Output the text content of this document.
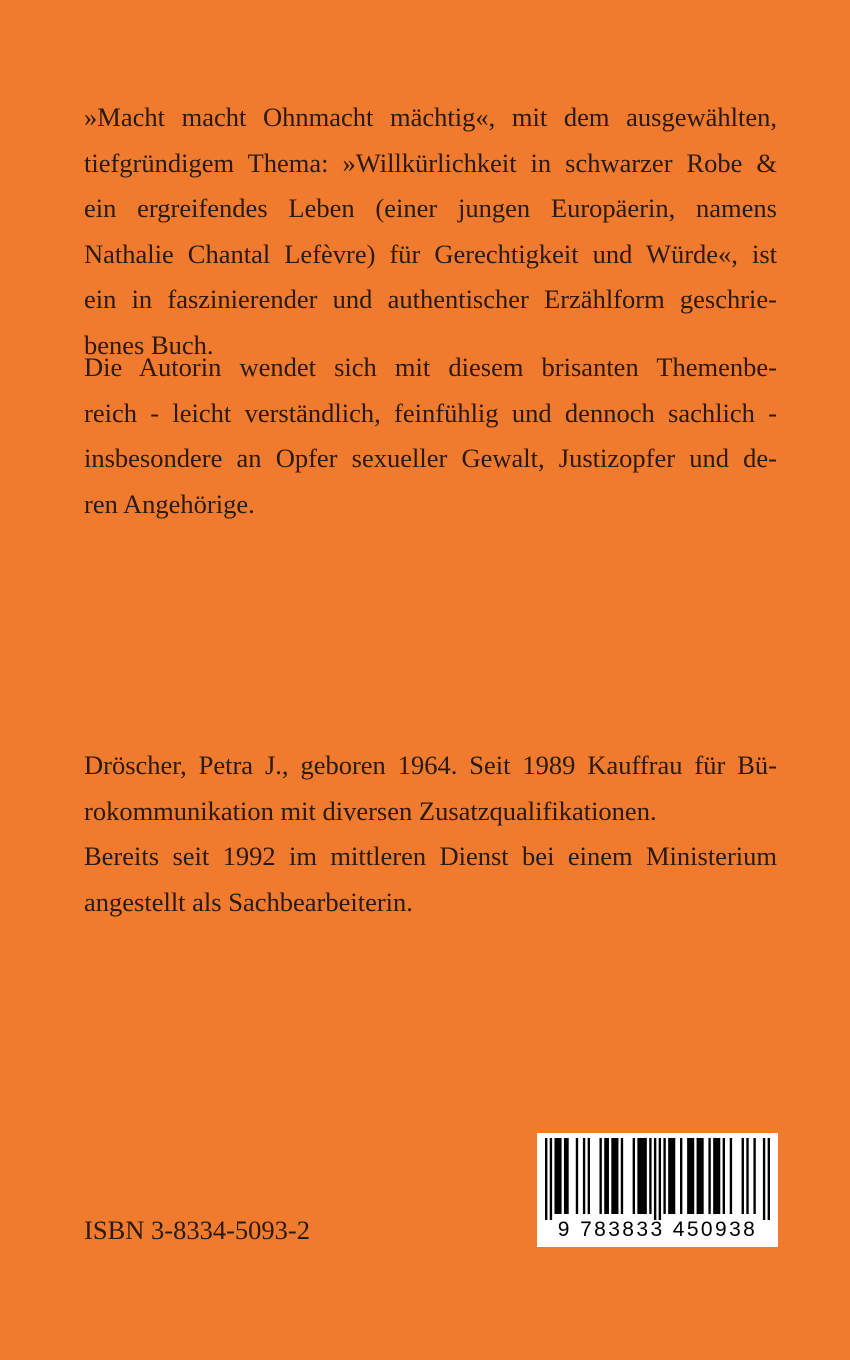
»Macht macht Ohnmacht mächtig«, mit dem ausgewählten,
tiefgründigem Thema: »Willkürlichkeit in schwarzer Robe &
ein ergreifendes Leben (einer jungen Europäerin, namens
Nathalie Chantal Lefèvre) für Gerechtigkeit und Würde«, ist
ein in faszinierender und authentischer Erzählform geschrie-
benes Buch.

Die Autorin wendet sich mit diesem brisanten Themenbe-
reich - leicht verständlich, feinfühlig und dennoch sachlich -
insbesondere an Opfer sexueller Gewalt, Justizopfer und de-
ren Angehörige.

Dröscher, Petra J., geboren 1964. Seit 1989 Kauffrau für Bü-
rokommunikation mit diversen Zusatzqualifikationen.
Bereits seit 1992 im mittleren Dienst bei einem Ministerium
angestellt als Sachbearbeiterin.

ISBN 3-8334-5093-2	9 783833 450938
